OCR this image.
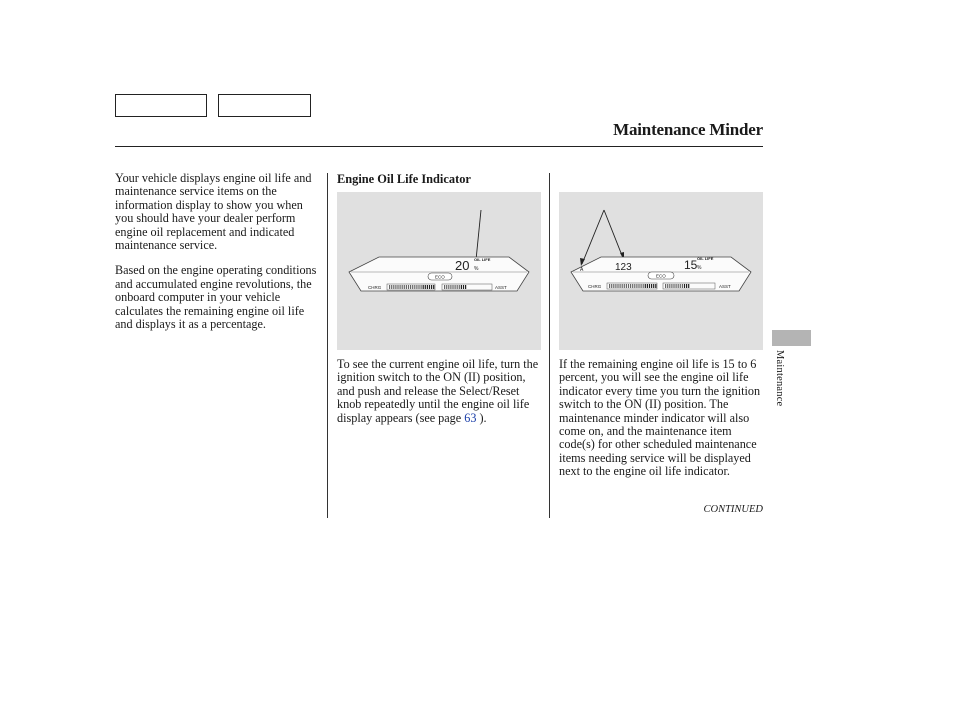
Maintenance Minder

Your vehicle displays engine oil life and maintenance service items on the information display to show you when you should have your dealer perform engine oil replacement and indicated maintenance service.

Based on the engine operating conditions and accumulated engine revolutions, the onboard computer in your vehicle calculates the remaining engine oil life and displays it as a percentage.

Engine Oil Life Indicator
20 OIL LIFE
%
ECO
CHRG	ASST
A	123	15 OIL LIFE
%
ECO
CHRG	ASST
To see the current engine oil life, turn the ignition switch to the ON (II) position, and push and release the Select/Reset knob repeatedly until the engine oil life display appears (see page 63 ).
If the remaining engine oil life is 15 to 6 percent, you will see the engine oil life indicator every time you turn the ignition switch to the ON (II) position. The maintenance minder indicator will also come on, and the maintenance item code(s) for other scheduled maintenance items needing service will be displayed next to the engine oil life indicator.
CONTINUED
Maintenance
